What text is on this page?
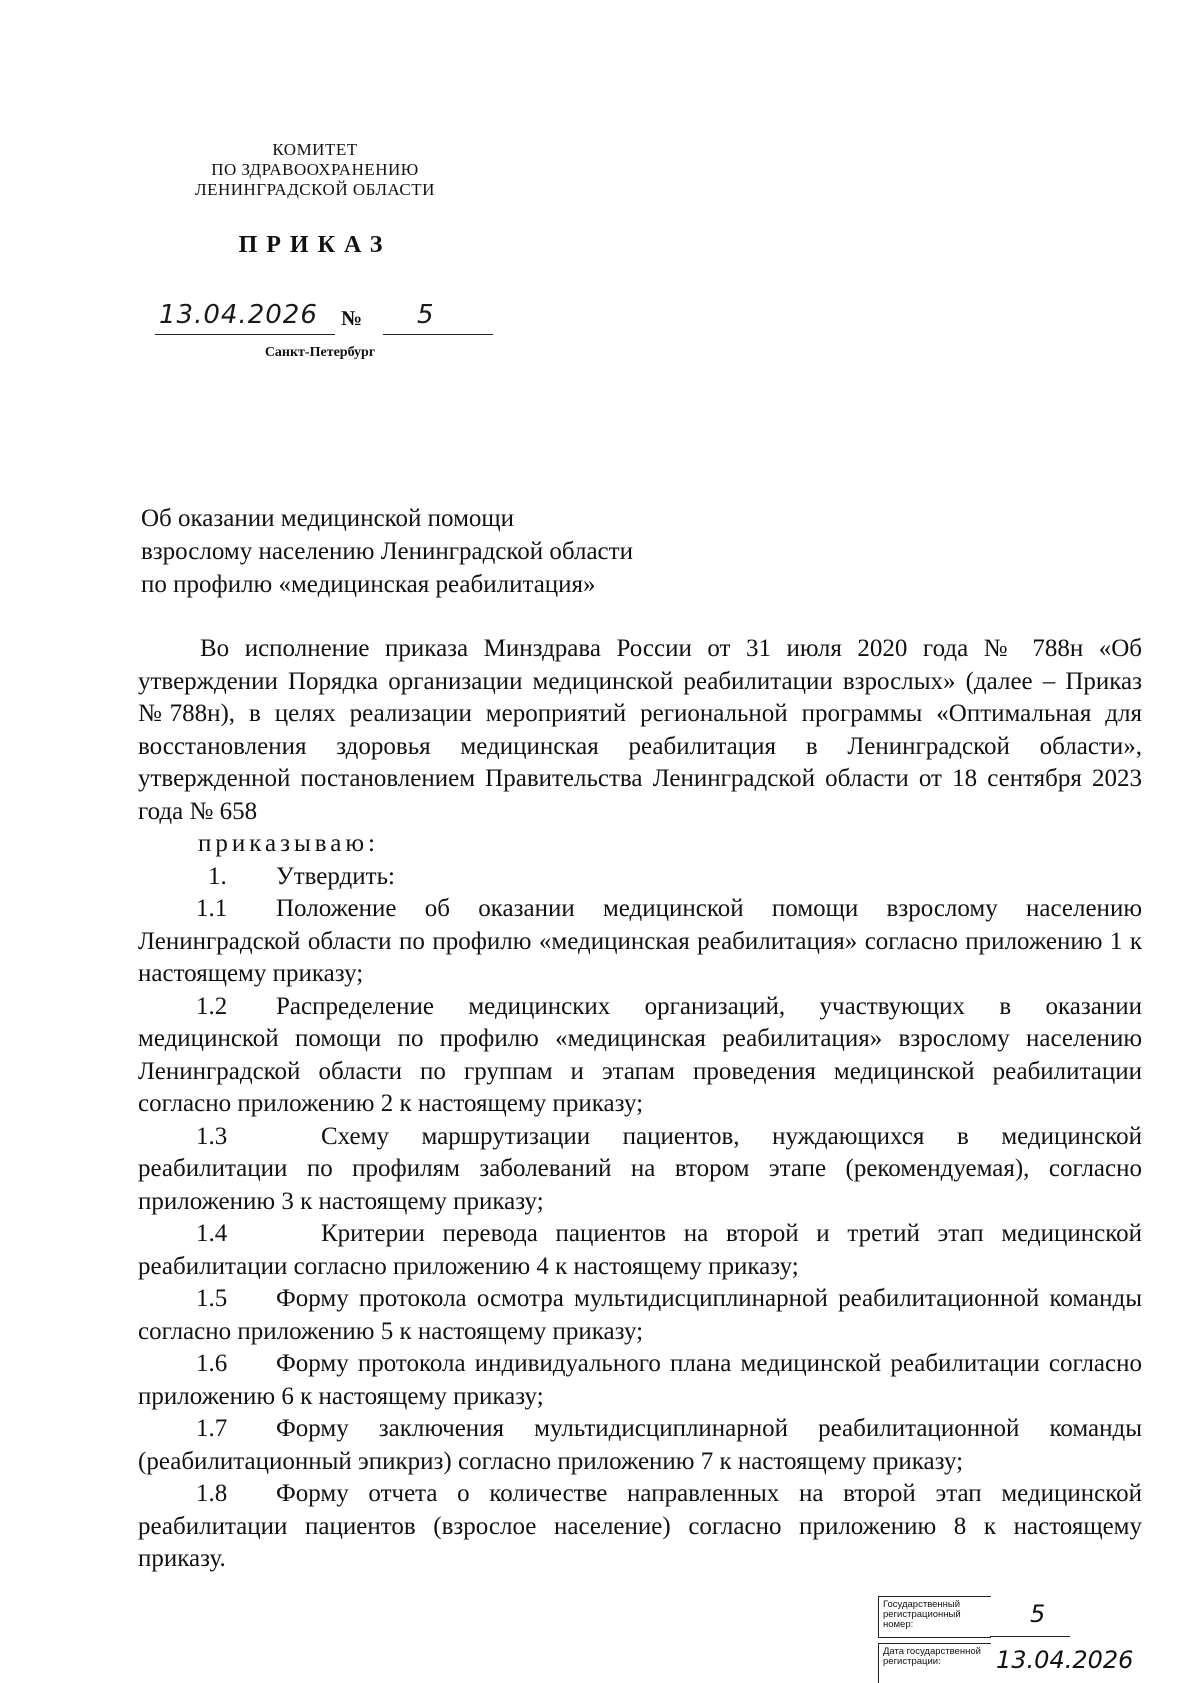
КОМИТЕТ
ПО ЗДРАВООХРАНЕНИЮ
ЛЕНИНГРАДСКОЙ ОБЛАСТИ
ПРИКАЗ
13.04.2026 № 5
Санкт-Петербург
Об оказании медицинской помощи
взрослому населению Ленинградской области
по профилю «медицинская реабилитация»

Во исполнение приказа Минздрава России от 31 июля 2020 года № 788н «Об утверждении Порядка организации медицинской реабилитации взрослых» (далее – Приказ №788н), в целях реализации мероприятий региональной программы «Оптимальная для восстановления здоровья медицинская реабилитация в Ленинградской области», утвержденной постановлением Правительства Ленинградской области от 18 сентября 2023 года № 658

приказываю:

1. Утвердить:

1.1 Положение об оказании медицинской помощи взрослому населению Ленинградской области по профилю «медицинская реабилитация» согласно приложению 1 к настоящему приказу;

1.2 Распределение медицинских организаций, участвующих в оказании медицинской помощи по профилю «медицинская реабилитация» взрослому населению Ленинградской области по группам и этапам проведения медицинской реабилитации согласно приложению 2 к настоящему приказу;

1.3	Схему маршрутизации пациентов, нуждающихся в медицинской реабилитации по профилям заболеваний на втором этапе (рекомендуемая), согласно приложению 3 к настоящему приказу;

1.4	Критерии перевода пациентов на второй и третий этап медицинской реабилитации согласно приложению 4 к настоящему приказу;

1.5 Форму протокола осмотра мультидисциплинарной реабилитационной команды согласно приложению 5 к настоящему приказу;

1.6 Форму протокола индивидуального плана медицинской реабилитации согласно приложению 6 к настоящему приказу;

1.7 Форму заключения мультидисциплинарной реабилитационной команды (реабилитационный эпикриз) согласно приложению 7 к настоящему приказу;

1.8 Форму отчета о количестве направленных на второй этап медицинской реабилитации пациентов (взрослое население) согласно приложению 8 к настоящему приказу.

Государственный регистрационный номер:	5
Дата государственной регистрации:	13.04.2026
